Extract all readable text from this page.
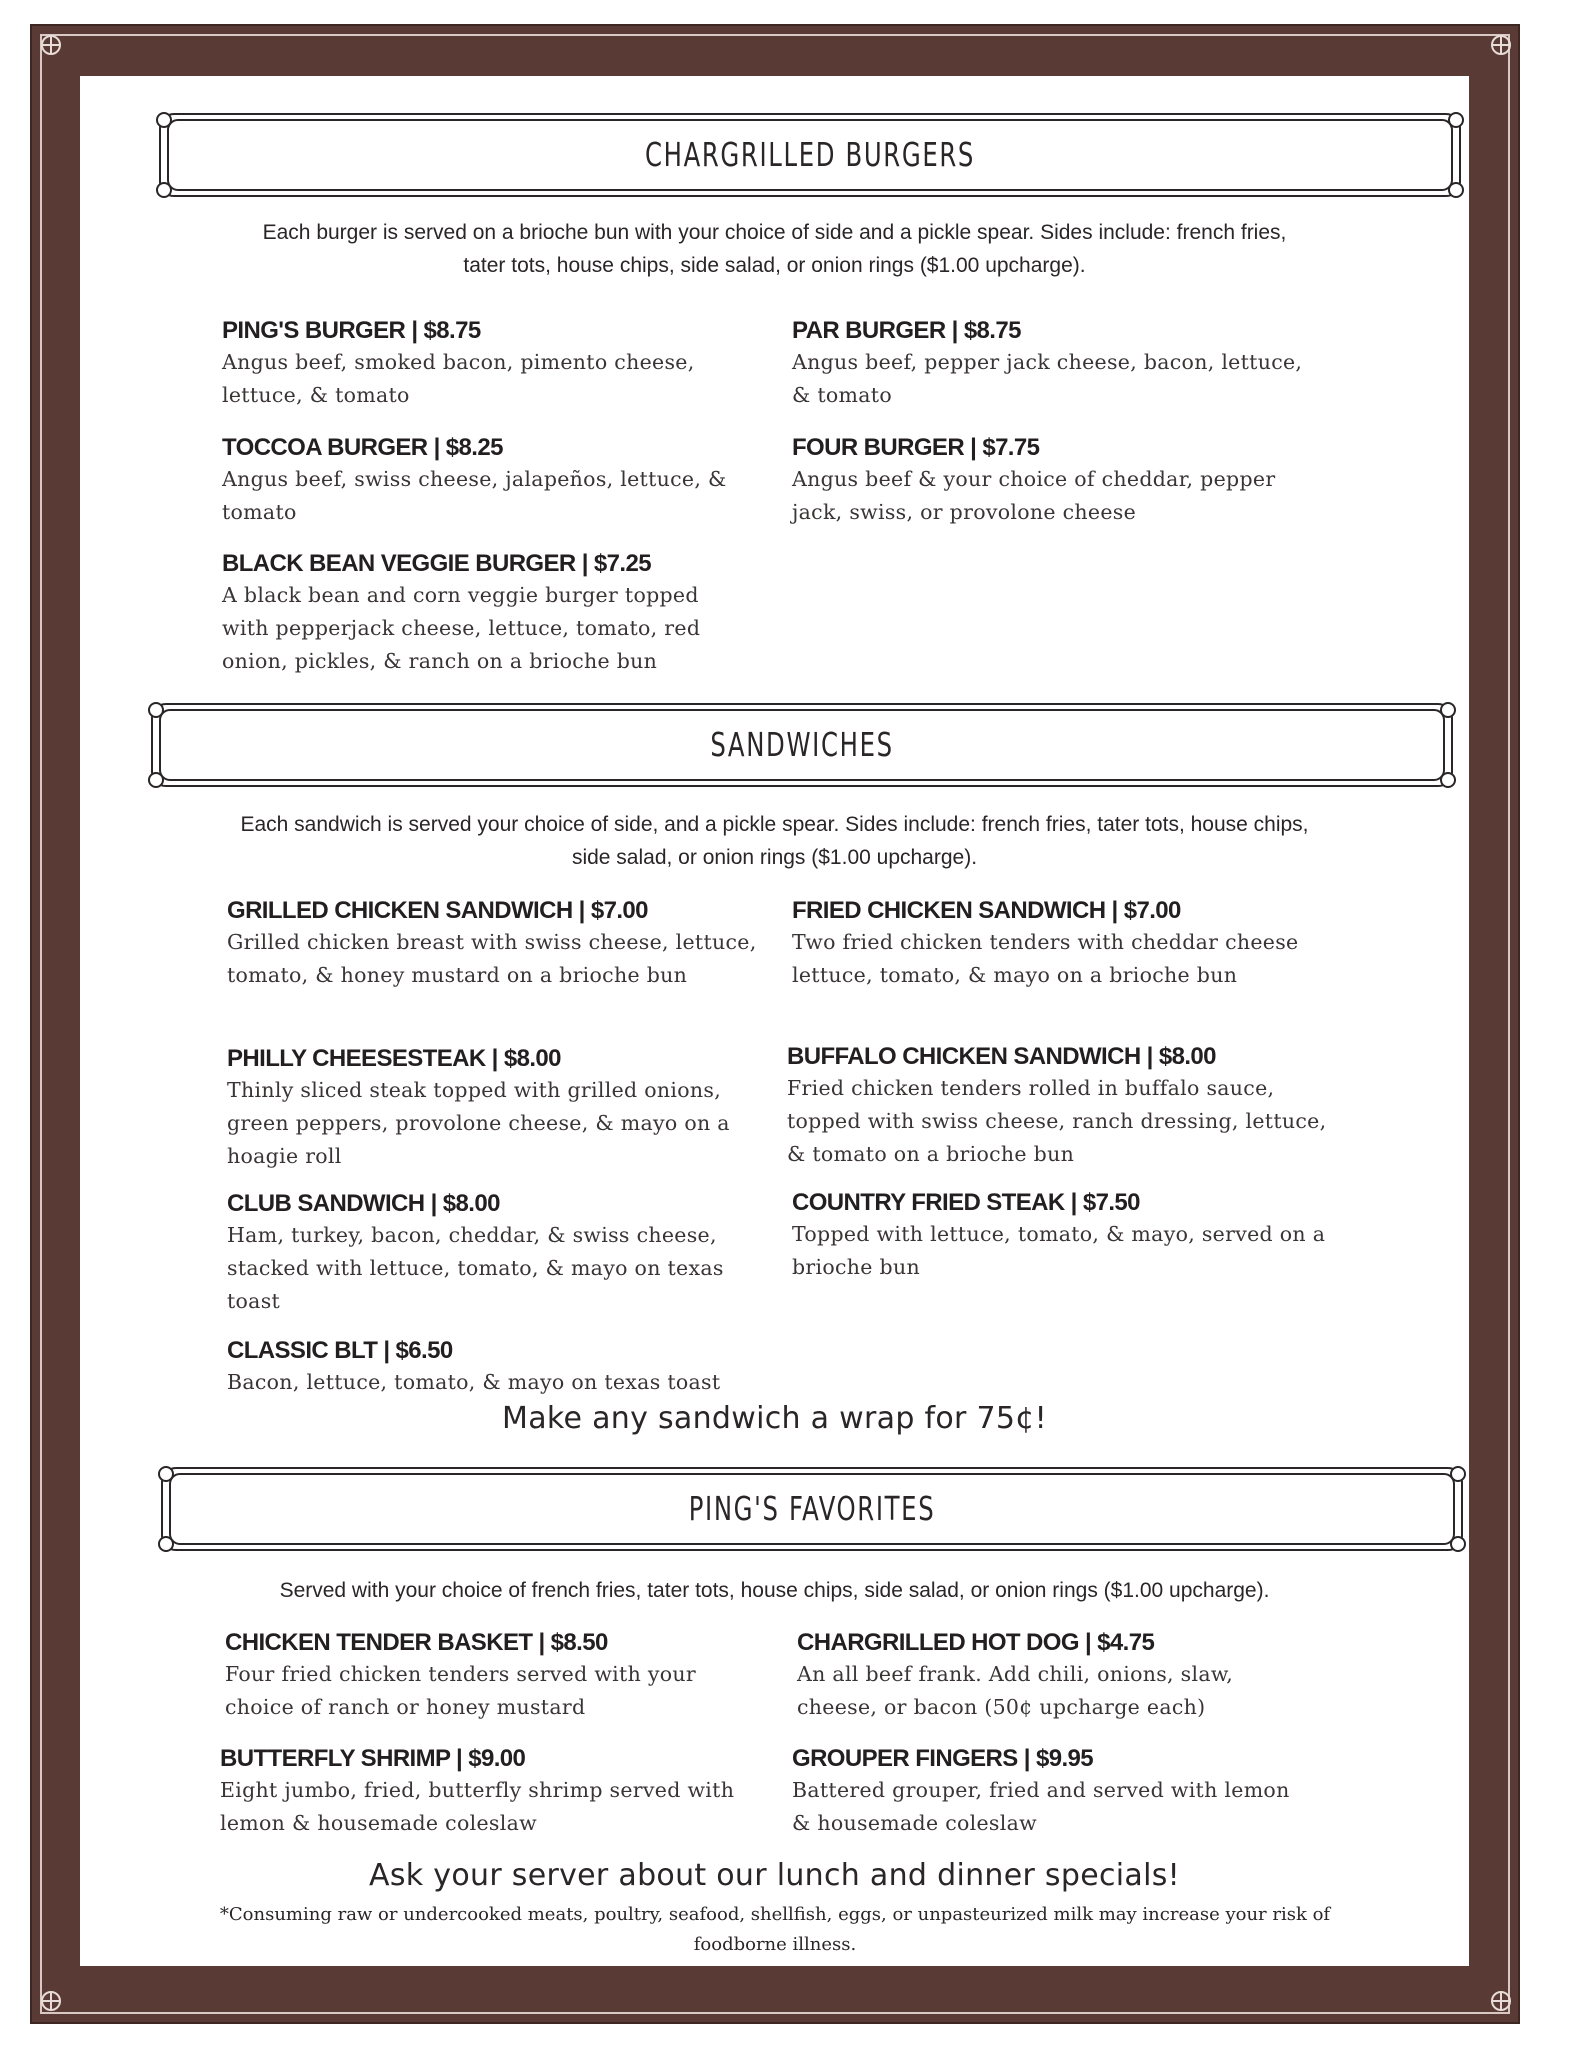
CHARGRILLED BURGERS
Each burger is served on a brioche bun with your choice of side and a pickle spear. Sides include: french fries,
tater tots, house chips, side salad, or onion rings ($1.00 upcharge).
PING'S BURGER | $8.75
Angus beef, smoked bacon, pimento cheese, lettuce, & tomato
PAR BURGER | $8.75
Angus beef, pepper jack cheese, bacon, lettuce, & tomato
TOCCOA BURGER | $8.25
Angus beef, swiss cheese, jalapeños, lettuce, & tomato
FOUR BURGER | $7.75
Angus beef & your choice of cheddar, pepper jack, swiss, or provolone cheese
BLACK BEAN VEGGIE BURGER | $7.25
A black bean and corn veggie burger topped with pepperjack cheese, lettuce, tomato, red onion, pickles, & ranch on a brioche bun
SANDWICHES
Each sandwich is served your choice of side, and a pickle spear. Sides include: french fries, tater tots, house chips,
side salad, or onion rings ($1.00 upcharge).
GRILLED CHICKEN SANDWICH | $7.00
Grilled chicken breast with swiss cheese, lettuce, tomato, & honey mustard on a brioche bun
FRIED CHICKEN SANDWICH | $7.00
Two fried chicken tenders with cheddar cheese lettuce, tomato, & mayo on a brioche bun
PHILLY CHEESESTEAK | $8.00
Thinly sliced steak topped with grilled onions, green peppers, provolone cheese, & mayo on a hoagie roll
BUFFALO CHICKEN SANDWICH | $8.00
Fried chicken tenders rolled in buffalo sauce, topped with swiss cheese, ranch dressing, lettuce, & tomato on a brioche bun
CLUB SANDWICH | $8.00
Ham, turkey, bacon, cheddar, & swiss cheese, stacked with lettuce, tomato, & mayo on texas toast
COUNTRY FRIED STEAK | $7.50
Topped with lettuce, tomato, & mayo, served on a brioche bun
CLASSIC BLT | $6.50
Bacon, lettuce, tomato, & mayo on texas toast
Make any sandwich a wrap for 75¢!
PING'S FAVORITES
Served with your choice of french fries, tater tots, house chips, side salad, or onion rings ($1.00 upcharge).
CHICKEN TENDER BASKET | $8.50
Four fried chicken tenders served with your choice of ranch or honey mustard
CHARGRILLED HOT DOG | $4.75
An all beef frank. Add chili, onions, slaw, cheese, or bacon (50¢ upcharge each)
BUTTERFLY SHRIMP | $9.00
Eight jumbo, fried, butterfly shrimp served with lemon & housemade coleslaw
GROUPER FINGERS | $9.95
Battered grouper, fried and served with lemon & housemade coleslaw
Ask your server about our lunch and dinner specials!
*Consuming raw or undercooked meats, poultry, seafood, shellfish, eggs, or unpasteurized milk may increase your risk of
foodborne illness.
